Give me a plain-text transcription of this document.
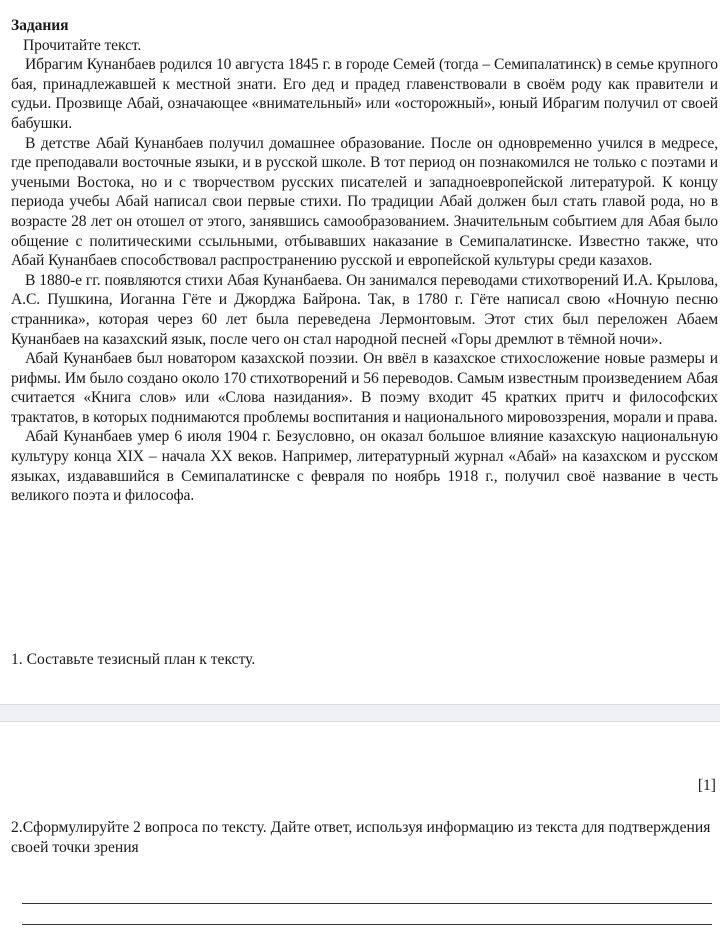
Задания

Прочитайте текст.

Ибрагим Кунанбаев родился 10 августа 1845 г. в городе Семей (тогда – Семипалатинск) в семье крупного бая, принадлежавшей к местной знати. Его дед и прадед главенствовали в своём роду как правители и судьи. Прозвище Абай, означающее «внимательный» или «осторожный», юный Ибрагим получил от своей бабушки.

В детстве Абай Кунанбаев получил домашнее образование. После он одновременно учился в медресе, где преподавали восточные языки, и в русской школе. В тот период он познакомился не только с поэтами и учеными Востока, но и с творчеством русских писателей и западноевропейской литературой. К концу периода учебы Абай написал свои первые стихи. По традиции Абай должен был стать главой рода, но в возрасте 28 лет он отошел от этого, занявшись самообразованием. Значительным событием для Абая было общение с политическими ссыльными, отбывавших наказание в Семипалатинске. Известно также, что Абай Кунанбаев способствовал распространению русской и европейской культуры среди казахов.

В 1880-е гг. появляются стихи Абая Кунанбаева. Он занимался переводами стихотворений И.А. Крылова, А.С. Пушкина, Иоганна Гёте и Джорджа Байрона. Так, в 1780 г. Гёте написал свою «Ночную песню странника», которая через 60 лет была переведена Лермонтовым. Этот стих был переложен Абаем Кунанбаев на казахский язык, после чего он стал народной песней «Горы дремлют в тёмной ночи».

Абай Кунанбаев был новатором казахской поэзии. Он ввёл в казахское стихосложение новые размеры и рифмы. Им было создано около 170 стихотворений и 56 переводов. Самым известным произведением Абая считается «Книга слов» или «Слова назидания». В поэму входит 45 кратких притч и философских трактатов, в которых поднимаются проблемы воспитания и национального мировоззрения, морали и права.

Абай Кунанбаев умер 6 июля 1904 г. Безусловно, он оказал большое влияние казахскую национальную культуру конца XIX – начала XX веков. Например, литературный журнал «Абай» на казахском и русском языках, издававшийся в Семипалатинске с февраля по ноябрь 1918 г., получил своё название в честь великого поэта и философа.

1. Составьте тезисный план к тексту.

[1]

2.Сформулируйте 2 вопроса по тексту. Дайте ответ, используя информацию из текста для подтверждения своей точки зрения
